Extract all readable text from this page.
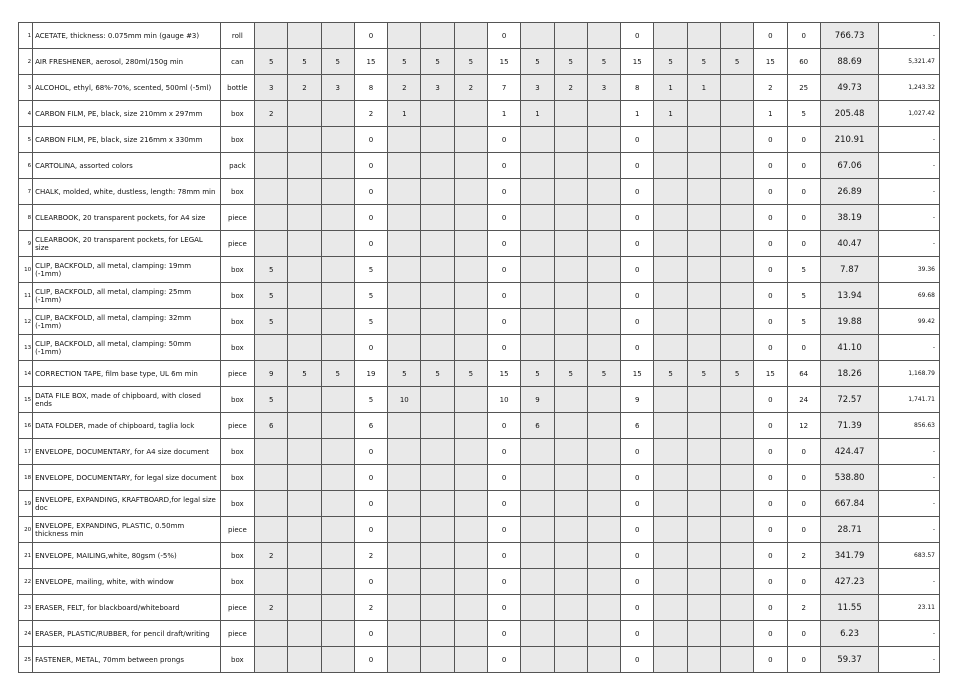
1	ACETATE, thickness: 0.075mm min (gauge #3)	roll				0				0				0				0	0	766.73	-
2	AIR FRESHENER, aerosol, 280ml/150g min	can	5	5	5	15	5	5	5	15	5	5	5	15	5	5	5	15	60	88.69	5,321.47
3	ALCOHOL, ethyl, 68%-70%, scented, 500ml (-5ml)	bottle	3	2	3	8	2	3	2	7	3	2	3	8	1	1		2	25	49.73	1,243.32
4	CARBON FILM, PE, black, size 210mm x 297mm	box	2			2	1			1	1			1	1			1	5	205.48	1,027.42
5	CARBON FILM, PE, black, size 216mm x 330mm	box				0				0				0				0	0	210.91	-
6	CARTOLINA, assorted colors	pack				0				0				0				0	0	67.06	-
7	CHALK, molded, white, dustless, length: 78mm min	box				0				0				0				0	0	26.89	-
8	CLEARBOOK, 20 transparent pockets, for A4 size	piece				0				0				0				0	0	38.19	-
9	CLEARBOOK, 20 transparent pockets, for LEGAL size	piece				0				0				0				0	0	40.47	-
10	CLIP, BACKFOLD, all metal, clamping: 19mm (-1mm)	box	5			5				0				0				0	5	7.87	39.36
11	CLIP, BACKFOLD, all metal, clamping: 25mm (-1mm)	box	5			5				0				0				0	5	13.94	69.68
12	CLIP, BACKFOLD, all metal, clamping: 32mm (-1mm)	box	5			5				0				0				0	5	19.88	99.42
13	CLIP, BACKFOLD, all metal, clamping: 50mm (-1mm)	box				0				0				0				0	0	41.10	-
14	CORRECTION TAPE, film base type, UL 6m min	piece	9	5	5	19	5	5	5	15	5	5	5	15	5	5	5	15	64	18.26	1,168.79
15	DATA FILE BOX, made of chipboard, with closed ends	box	5			5	10			10	9			9				0	24	72.57	1,741.71
16	DATA FOLDER, made of chipboard, taglia lock	piece	6			6				0	6			6				0	12	71.39	856.63
17	ENVELOPE, DOCUMENTARY, for A4 size document	box				0				0				0				0	0	424.47	-
18	ENVELOPE, DOCUMENTARY, for legal size document	box				0				0				0				0	0	538.80	-
19	ENVELOPE, EXPANDING, KRAFTBOARD,for legal size doc	box				0				0				0				0	0	667.84	-
20	ENVELOPE, EXPANDING, PLASTIC, 0.50mm thickness min	piece				0				0				0				0	0	28.71	-
21	ENVELOPE, MAILING,white, 80gsm (-5%)	box	2			2				0				0				0	2	341.79	683.57
22	ENVELOPE, mailing, white, with window	box				0				0				0				0	0	427.23	-
23	ERASER, FELT, for blackboard/whiteboard	piece	2			2				0				0				0	2	11.55	23.11
24	ERASER, PLASTIC/RUBBER, for pencil draft/writing	piece				0				0				0				0	0	6.23	-
25	FASTENER, METAL, 70mm between prongs	box				0				0				0				0	0	59.37	-
